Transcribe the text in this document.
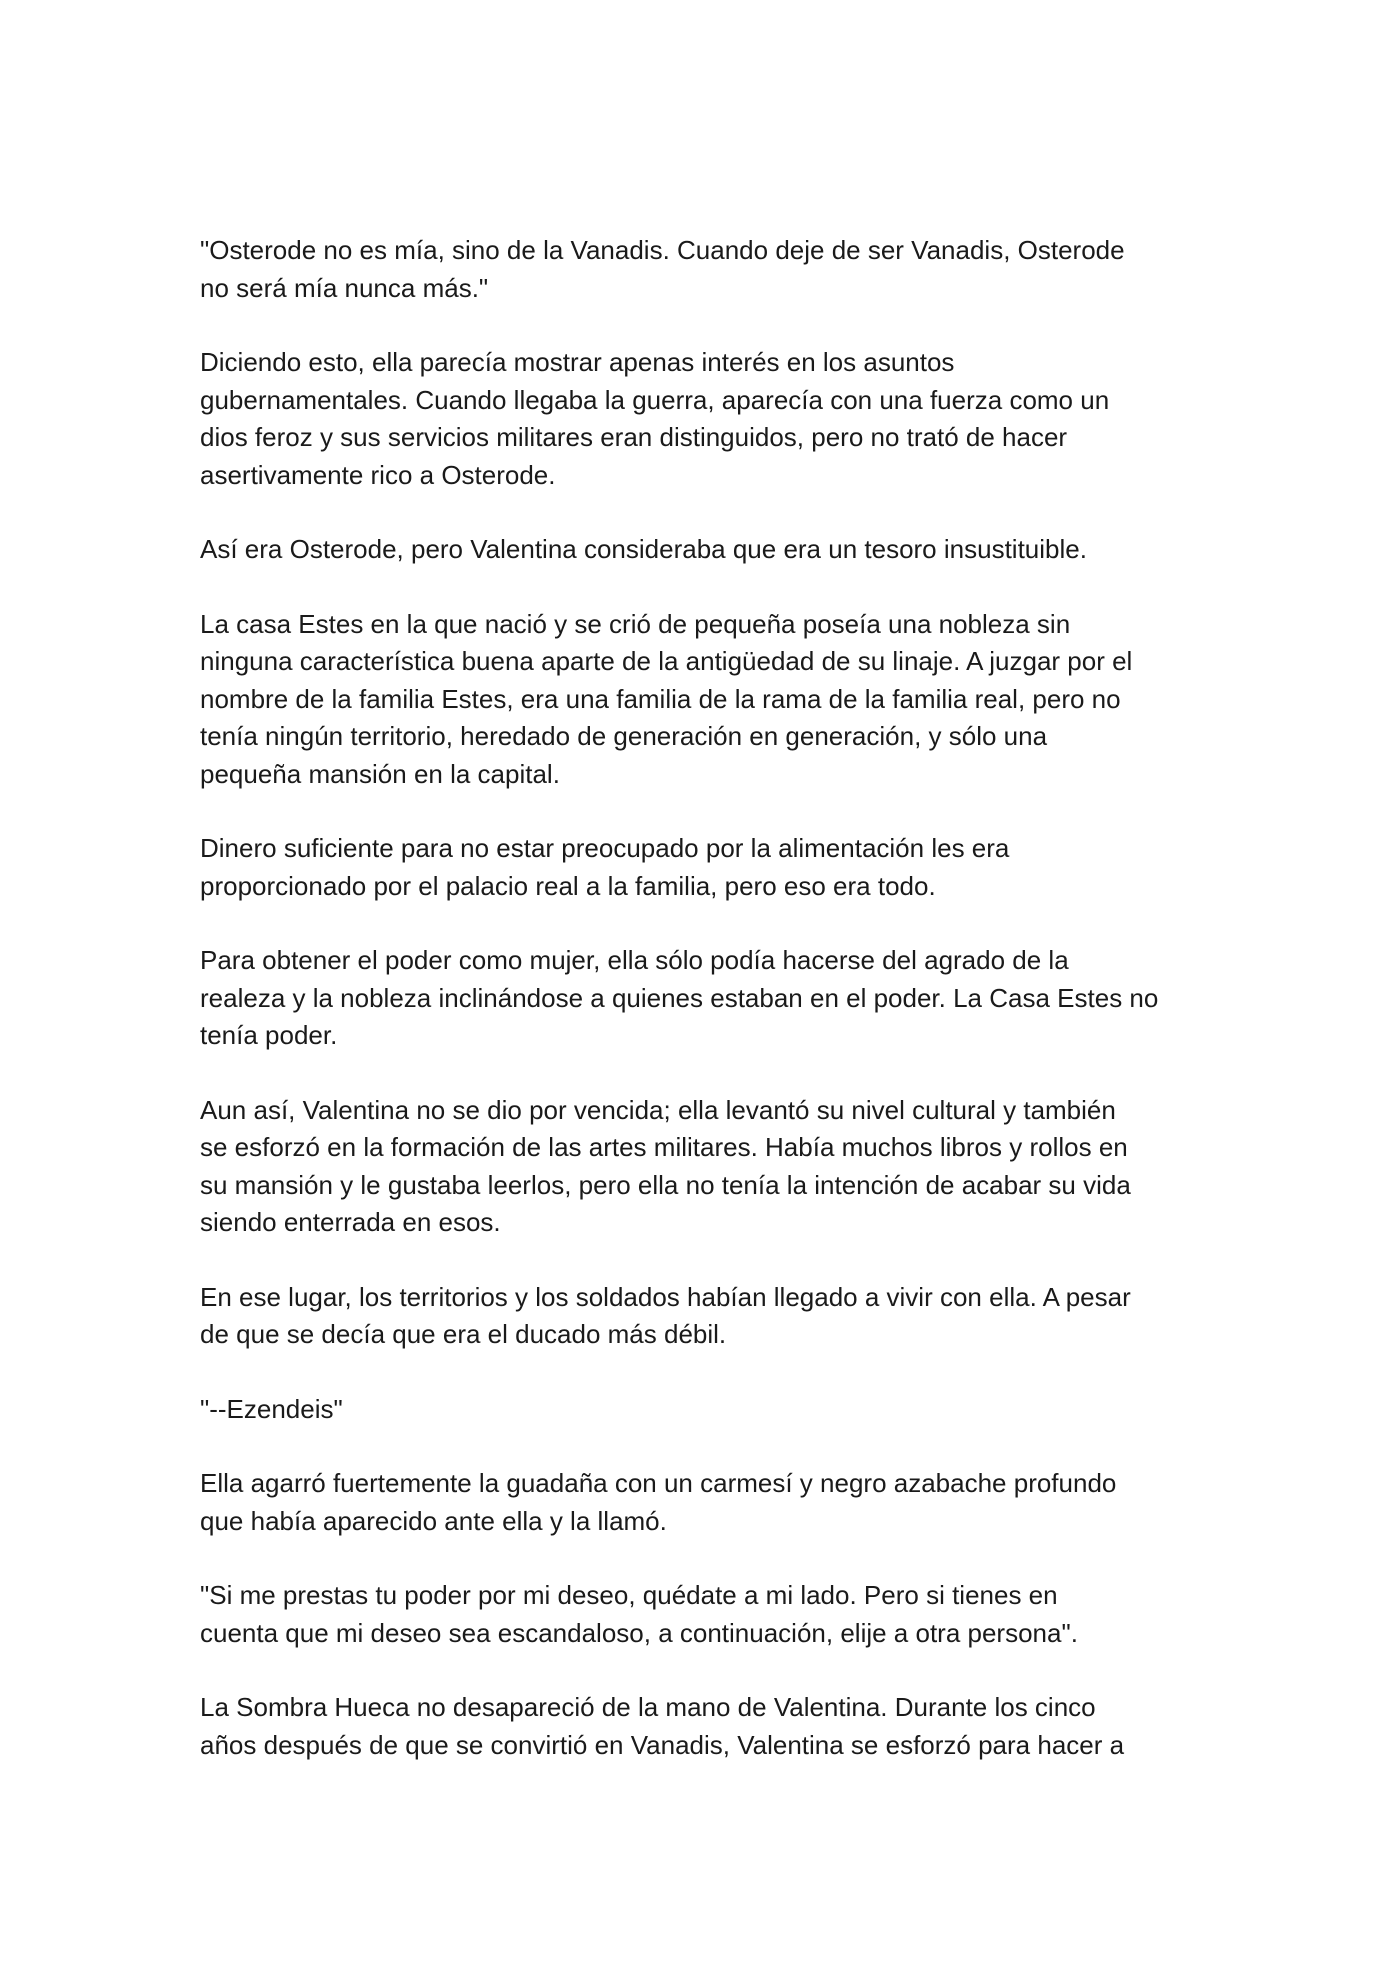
"Osterode no es mía, sino de la Vanadis. Cuando deje de ser Vanadis, Osterode
no será mía nunca más."

Diciendo esto, ella parecía mostrar apenas interés en los asuntos
gubernamentales. Cuando llegaba la guerra, aparecía con una fuerza como un
dios feroz y sus servicios militares eran distinguidos, pero no trató de hacer
asertivamente rico a Osterode.

Así era Osterode, pero Valentina consideraba que era un tesoro insustituible.

La casa Estes en la que nació y se crió de pequeña poseía una nobleza sin
ninguna característica buena aparte de la antigüedad de su linaje. A juzgar por el
nombre de la familia Estes, era una familia de la rama de la familia real, pero no
tenía ningún territorio, heredado de generación en generación, y sólo una
pequeña mansión en la capital.

Dinero suficiente para no estar preocupado por la alimentación les era
proporcionado por el palacio real a la familia, pero eso era todo.

Para obtener el poder como mujer, ella sólo podía hacerse del agrado de la
realeza y la nobleza inclinándose a quienes estaban en el poder. La Casa Estes no
tenía poder.

Aun así, Valentina no se dio por vencida; ella levantó su nivel cultural y también
se esforzó en la formación de las artes militares. Había muchos libros y rollos en
su mansión y le gustaba leerlos, pero ella no tenía la intención de acabar su vida
siendo enterrada en esos.

En ese lugar, los territorios y los soldados habían llegado a vivir con ella. A pesar
de que se decía que era el ducado más débil.

"--Ezendeis"

Ella agarró fuertemente la guadaña con un carmesí y negro azabache profundo
que había aparecido ante ella y la llamó.

"Si me prestas tu poder por mi deseo, quédate a mi lado. Pero si tienes en
cuenta que mi deseo sea escandaloso, a continuación, elije a otra persona".

La Sombra Hueca no desapareció de la mano de Valentina. Durante los cinco
años después de que se convirtió en Vanadis, Valentina se esforzó para hacer a
